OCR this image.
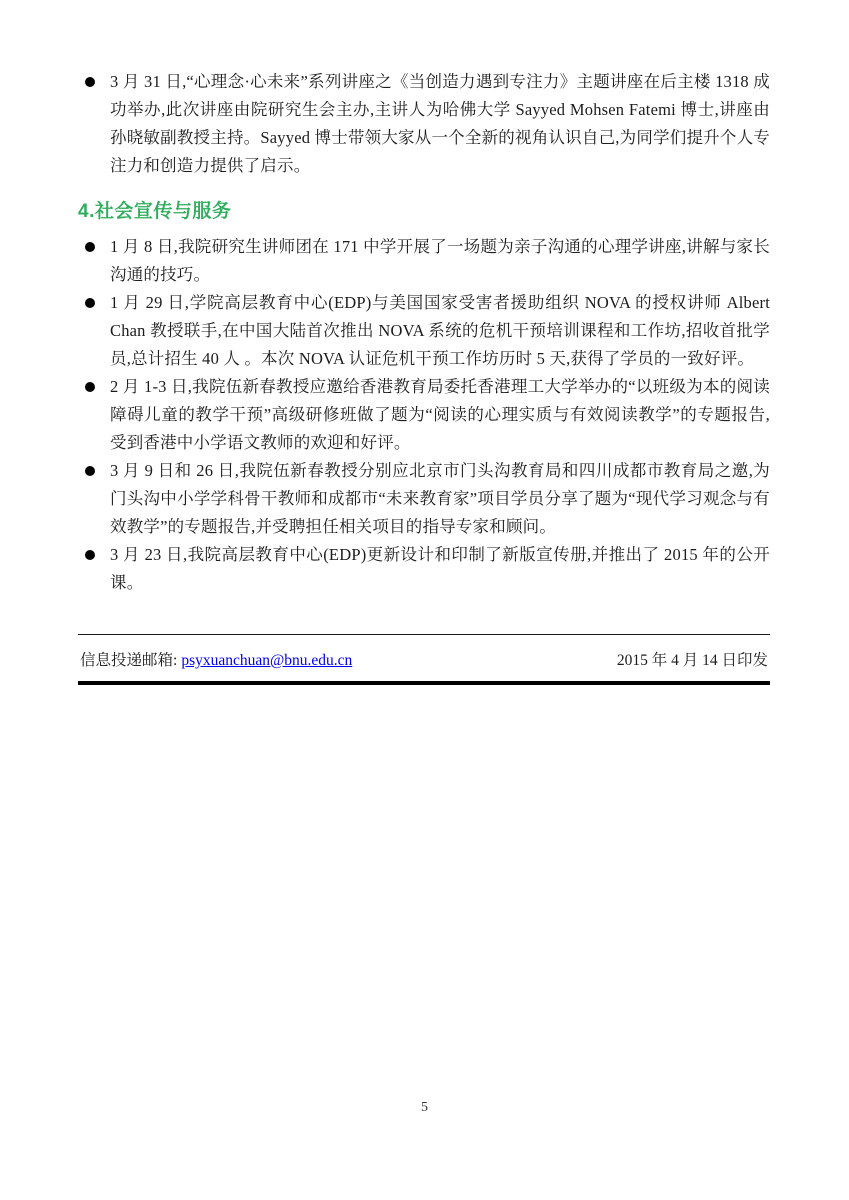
3 月 31 日,“心理念·心未来”系列讲座之《当创造力遇到专注力》主题讲座在后主楼 1318 成功举办,此次讲座由院研究生会主办,主讲人为哈佛大学 Sayyed Mohsen Fatemi 博士,讲座由孙晓敏副教授主持。Sayyed 博士带领大家从一个全新的视角认识自己,为同学们提升个人专注力和创造力提供了启示。
4.社会宣传与服务
1 月 8 日,我院研究生讲师团在 171 中学开展了一场题为亲子沟通的心理学讲座,讲解与家长沟通的技巧。
1 月 29 日,学院高层教育中心(EDP)与美国国家受害者援助组织 NOVA 的授权讲师 Albert Chan 教授联手,在中国大陆首次推出 NOVA 系统的危机干预培训课程和工作坊,招收首批学员,总计招生 40 人 。本次 NOVA 认证危机干预工作坊历时 5 天,获得了学员的一致好评。
2 月 1-3 日,我院伍新春教授应邀给香港教育局委托香港理工大学举办的“以班级为本的阅读障碍儿童的教学干预”高级研修班做了题为“阅读的心理实质与有效阅读教学”的专题报告,受到香港中小学语文教师的欢迎和好评。
3 月 9 日和 26 日,我院伍新春教授分别应北京市门头沟教育局和四川成都市教育局之邀,为门头沟中小学学科骨干教师和成都市“未来教育家”项目学员分享了题为“现代学习观念与有效教学”的专题报告,并受聘担任相关项目的指导专家和顾问。
3 月 23 日,我院高层教育中心(EDP)更新设计和印制了新版宣传册,并推出了 2015 年的公开课。
信息投递邮箱: psyxuanchuan@bnu.edu.cn	2015 年 4 月 14 日印发
5
